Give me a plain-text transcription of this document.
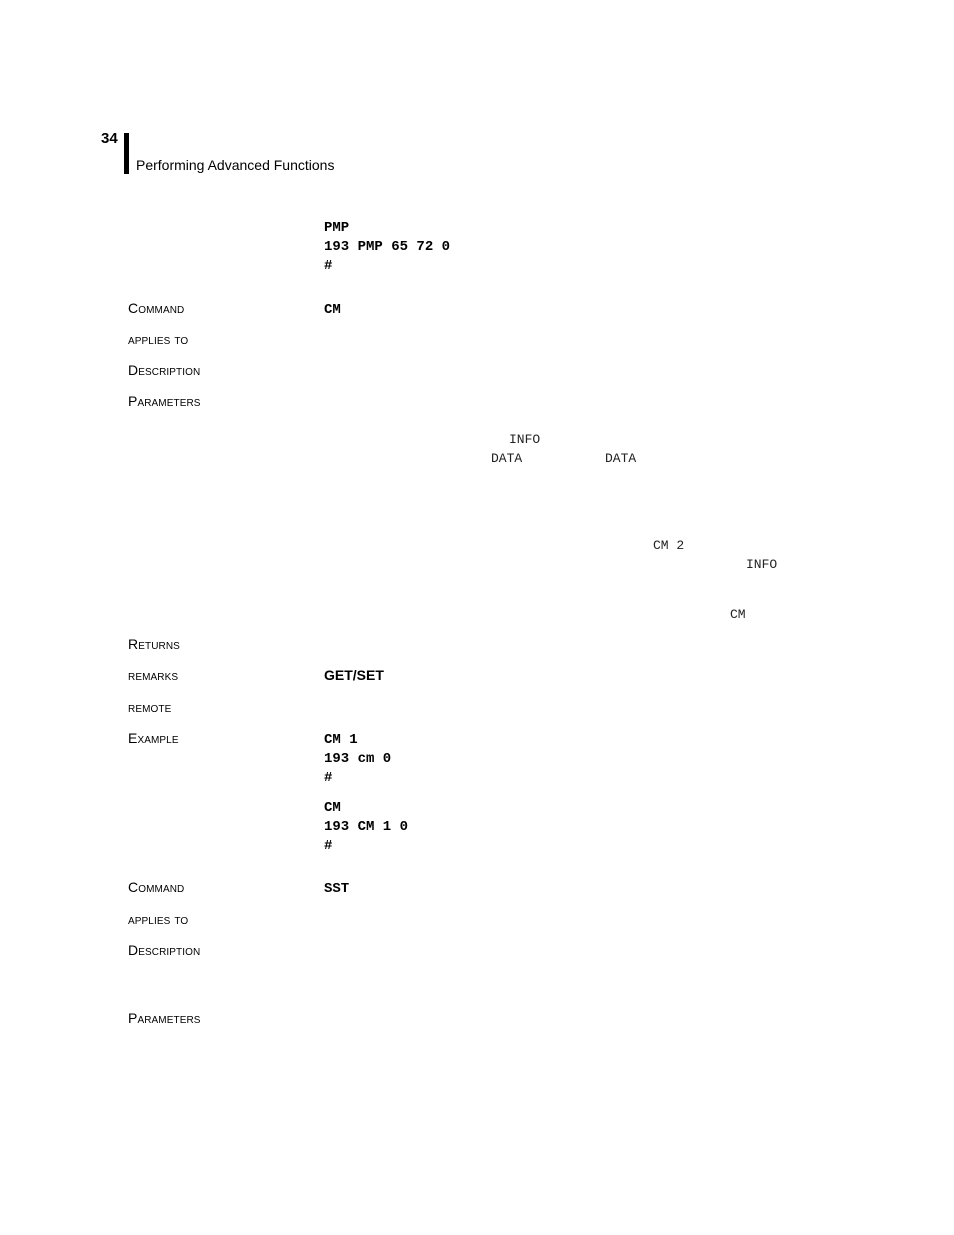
34
Performing Advanced Functions
PMP
193 PMP 65 72 0
#
Command	CM
applies to
Description
Parameters
INFO
DATA	DATA
CM 2
INFO
CM
Returns
remarks	GET/SET
remote
Example	CM 1
193 cm 0
#
CM
193 CM 1 0
#
Command	SST
applies to
Description
Parameters
